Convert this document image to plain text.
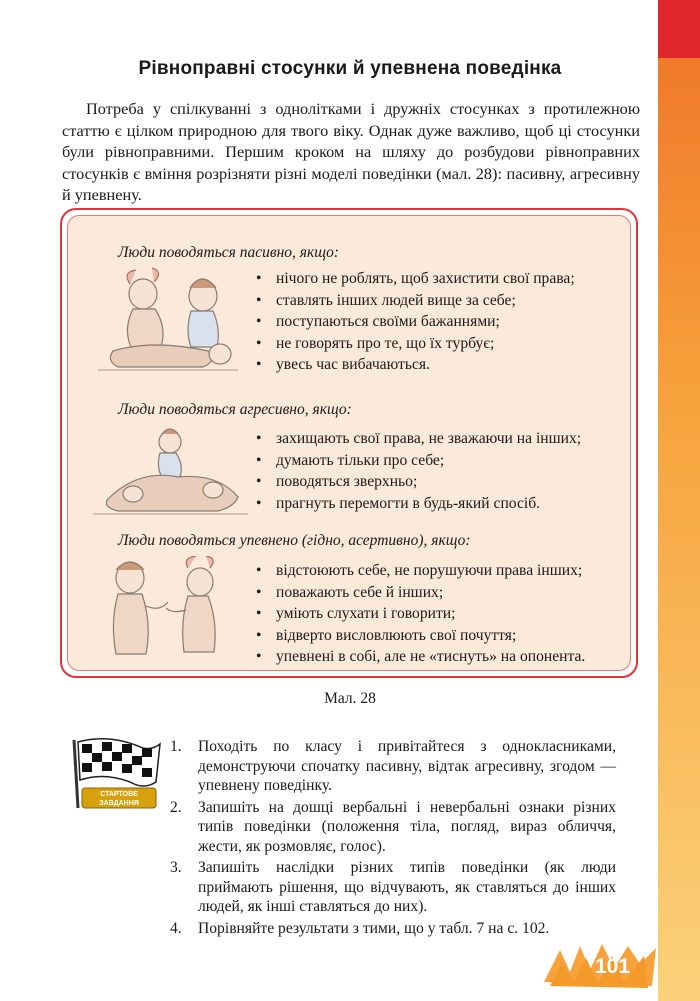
Рівноправні стосунки й упевнена поведінка

Потреба у спілкуванні з однолітками і дружніх стосунках з протилежною статтю є цілком природною для твого віку. Однак дуже важливо, щоб ці стосунки були рівноправними. Першим кроком на шляху до розбудови рівноправних стосунків є вміння розрізняти різні моделі поведінки (мал. 28): пасивну, агресивну й упевнену.

Люди поводяться пасивно, якщо:
• нічого не роблять, щоб захистити свої права;
• ставлять інших людей вище за себе;
• поступаються своїми бажаннями;
• не говорять про те, що їх турбує;
• увесь час вибачаються.
Люди поводяться агресивно, якщо:
• захищають свої права, не зважаючи на інших;
• думають тільки про себе;
• поводяться зверхньо;
• прагнуть перемогти в будь-який спосіб.
Люди поводяться упевнено (гідно, асертивно), якщо:
• відстоюють себе, не порушуючи права інших;
• поважають себе й інших;
• уміють слухати і говорити;
• відверто висловлюють свої почуття;
• упевнені в собі, але не «тиснуть» на опонента.
Мал. 28
СТАРТОВЕ
ЗАВДАННЯ
1. Походіть по класу і привітайтеся з однокласниками, демонструючи спочатку пасивну, відтак агресивну, згодом — упевнену поведінку.
2. Запишіть на дошці вербальні і невербальні ознаки різних типів поведінки (положення тіла, погляд, вираз обличчя, жести, як розмовляє, голос).
3. Запишіть наслідки різних типів поведінки (як люди приймають рішення, що відчувають, як ставляться до інших людей, як інші ставляться до них).
4. Порівняйте результати з тими, що у табл. 7 на с. 102.
101
